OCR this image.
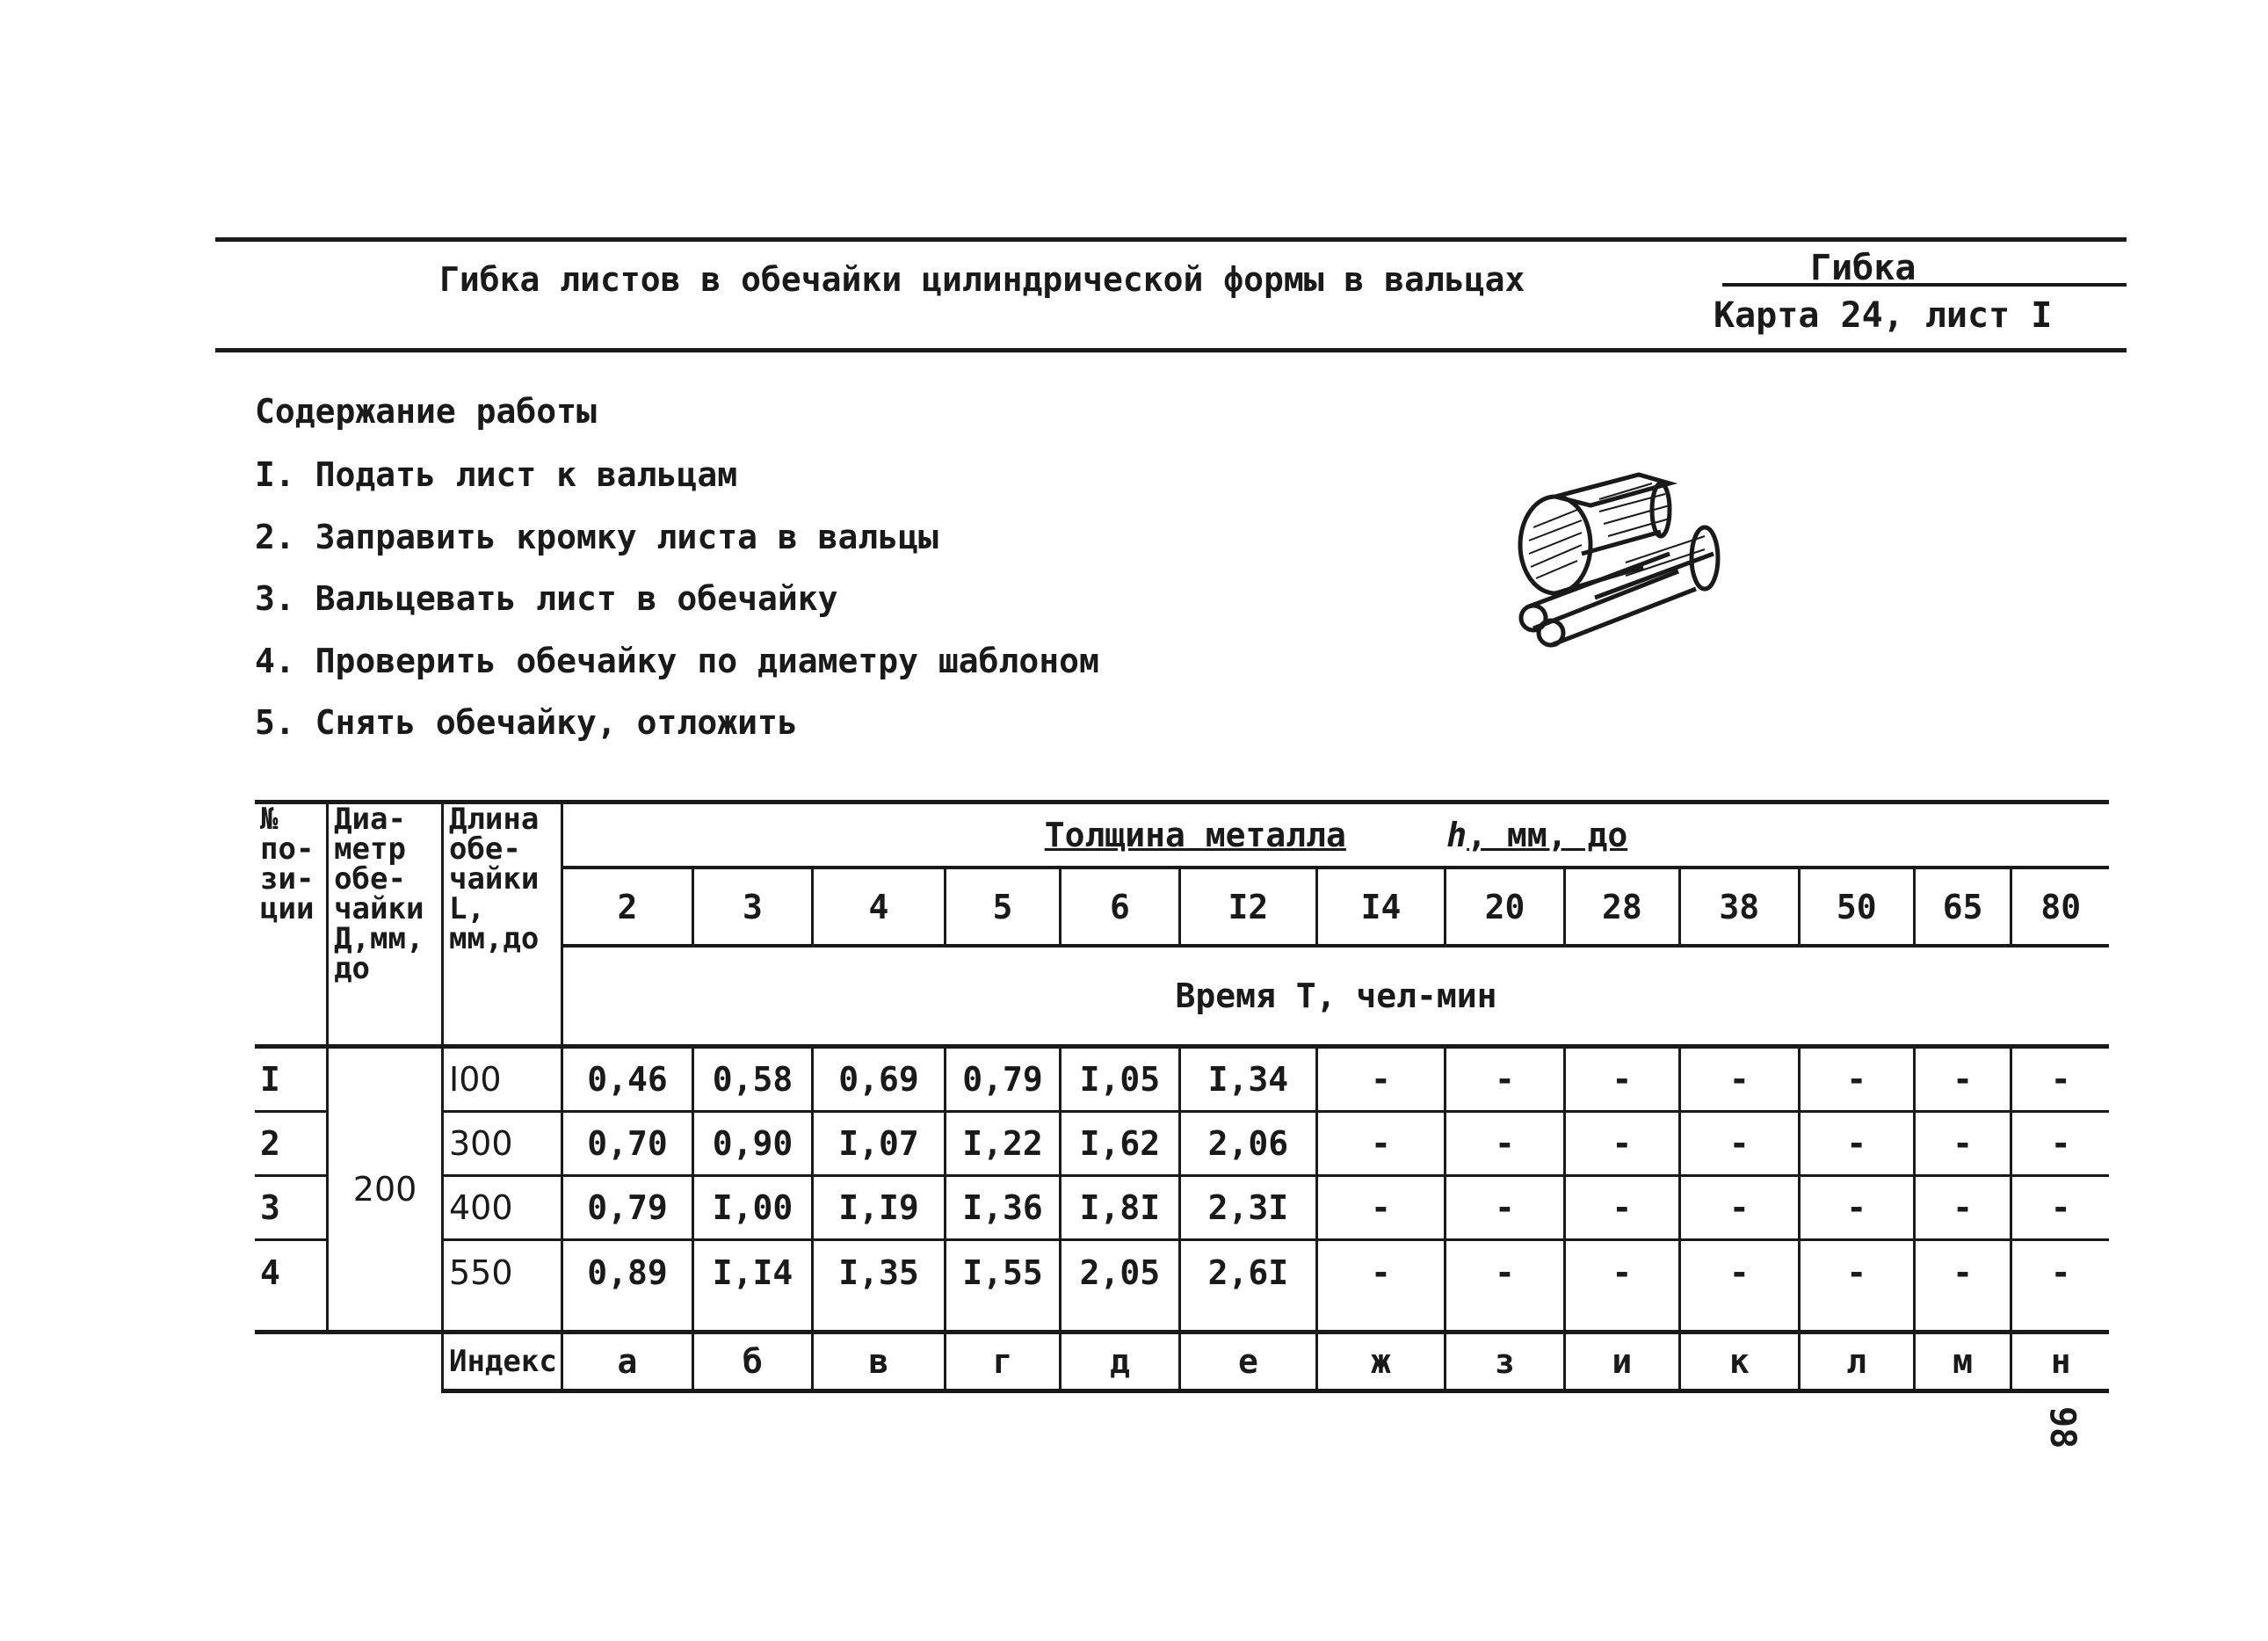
Гибка листов в обечайки цилиндрической формы в вальцах	Гибка
Карта 24, лист I
Содержание работы
I. Подать лист к вальцам
2. Заправить кромку листа в вальцы
3. Вальцевать лист в обечайку
4. Проверить обечайку по диаметру шаблоном
5. Снять обечайку, отложить
№ по-зи-ции	Диа-метр обе-чайки Д,мм, до	Длина обе-чайки L, мм,до	Толщина металла h, мм, до												
			2	3	4	5	6	I2	I4	20	28	38	50	65	80
			Время Т, чел-мин												
I	200	I00	0,46	0,58	0,69	0,79	I,05	I,34	-	-	-	-	-	-	-
2		300	0,70	0,90	I,07	I,22	I,62	2,06	-	-	-	-	-	-	-
3		400	0,79	I,00	I,I9	I,36	I,8I	2,3I	-	-	-	-	-	-	-
4		550	0,89	I,I4	I,35	I,55	2,05	2,6I	-	-	-	-	-	-	-
		Индекс	а	б	в	г	д	е	ж	з	и	к	л	м	н
98
